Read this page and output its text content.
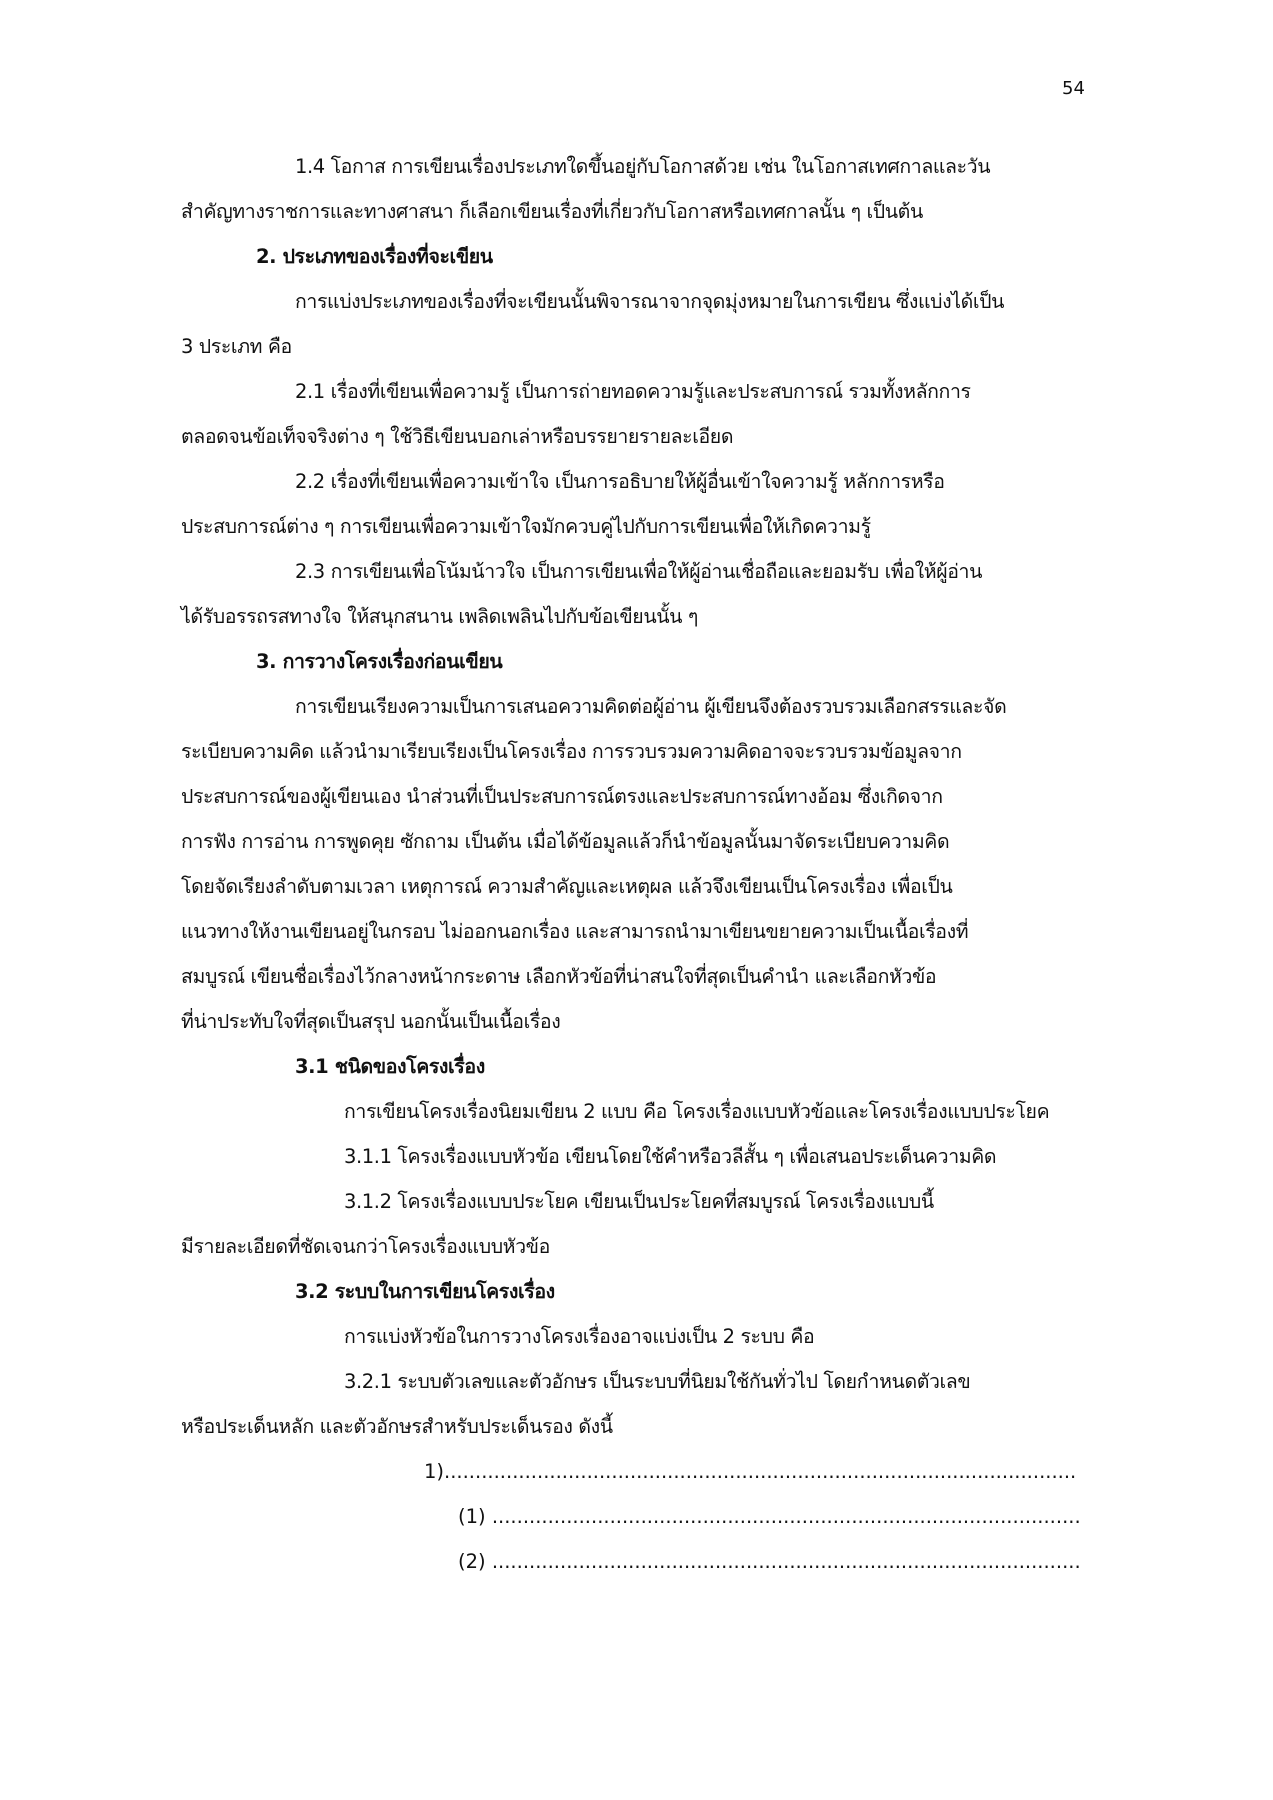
54
1.4 โอกาส การเขียนเรื่องประเภทใดขึ้นอยู่กับโอกาสด้วย เช่น ในโอกาสเทศกาลและวัน
สำคัญทางราชการและทางศาสนา ก็เลือกเขียนเรื่องที่เกี่ยวกับโอกาสหรือเทศกาลนั้น ๆ เป็นต้น
2. ประเภทของเรื่องที่จะเขียน
การแบ่งประเภทของเรื่องที่จะเขียนนั้นพิจารณาจากจุดมุ่งหมายในการเขียน ซึ่งแบ่งได้เป็น
3 ประเภท คือ
2.1 เรื่องที่เขียนเพื่อความรู้ เป็นการถ่ายทอดความรู้และประสบการณ์ รวมทั้งหลักการ
ตลอดจนข้อเท็จจริงต่าง ๆ ใช้วิธีเขียนบอกเล่าหรือบรรยายรายละเอียด
2.2 เรื่องที่เขียนเพื่อความเข้าใจ เป็นการอธิบายให้ผู้อื่นเข้าใจความรู้ หลักการหรือ
ประสบการณ์ต่าง ๆ การเขียนเพื่อความเข้าใจมักควบคู่ไปกับการเขียนเพื่อให้เกิดความรู้
2.3 การเขียนเพื่อโน้มน้าวใจ เป็นการเขียนเพื่อให้ผู้อ่านเชื่อถือและยอมรับ เพื่อให้ผู้อ่าน
ได้รับอรรถรสทางใจ ให้สนุกสนาน เพลิดเพลินไปกับข้อเขียนนั้น ๆ
3. การวางโครงเรื่องก่อนเขียน
การเขียนเรียงความเป็นการเสนอความคิดต่อผู้อ่าน ผู้เขียนจึงต้องรวบรวมเลือกสรรและจัด
ระเบียบความคิด แล้วนำมาเรียบเรียงเป็นโครงเรื่อง การรวบรวมความคิดอาจจะรวบรวมข้อมูลจาก
ประสบการณ์ของผู้เขียนเอง นำส่วนที่เป็นประสบการณ์ตรงและประสบการณ์ทางอ้อม ซึ่งเกิดจาก
การฟัง การอ่าน การพูดคุย ซักถาม เป็นต้น เมื่อได้ข้อมูลแล้วก็นำข้อมูลนั้นมาจัดระเบียบความคิด
โดยจัดเรียงลำดับตามเวลา เหตุการณ์ ความสำคัญและเหตุผล แล้วจึงเขียนเป็นโครงเรื่อง เพื่อเป็น
แนวทางให้งานเขียนอยู่ในกรอบ ไม่ออกนอกเรื่อง และสามารถนำมาเขียนขยายความเป็นเนื้อเรื่องที่
สมบูรณ์ เขียนชื่อเรื่องไว้กลางหน้ากระดาษ เลือกหัวข้อที่น่าสนใจที่สุดเป็นคำนำ และเลือกหัวข้อ
ที่น่าประทับใจที่สุดเป็นสรุป นอกนั้นเป็นเนื้อเรื่อง
3.1 ชนิดของโครงเรื่อง
การเขียนโครงเรื่องนิยมเขียน 2 แบบ คือ โครงเรื่องแบบหัวข้อและโครงเรื่องแบบประโยค
3.1.1 โครงเรื่องแบบหัวข้อ เขียนโดยใช้คำหรือวลีสั้น ๆ เพื่อเสนอประเด็นความคิด
3.1.2 โครงเรื่องแบบประโยค เขียนเป็นประโยคที่สมบูรณ์ โครงเรื่องแบบนี้
มีรายละเอียดที่ชัดเจนกว่าโครงเรื่องแบบหัวข้อ
3.2 ระบบในการเขียนโครงเรื่อง
การแบ่งหัวข้อในการวางโครงเรื่องอาจแบ่งเป็น 2 ระบบ คือ
3.2.1 ระบบตัวเลขและตัวอักษร เป็นระบบที่นิยมใช้กันทั่วไป โดยกำหนดตัวเลข
หรือประเด็นหลัก และตัวอักษรสำหรับประเด็นรอง ดังนี้
1)......................................................................................................
(1) ...............................................................................................
(2) ...............................................................................................
